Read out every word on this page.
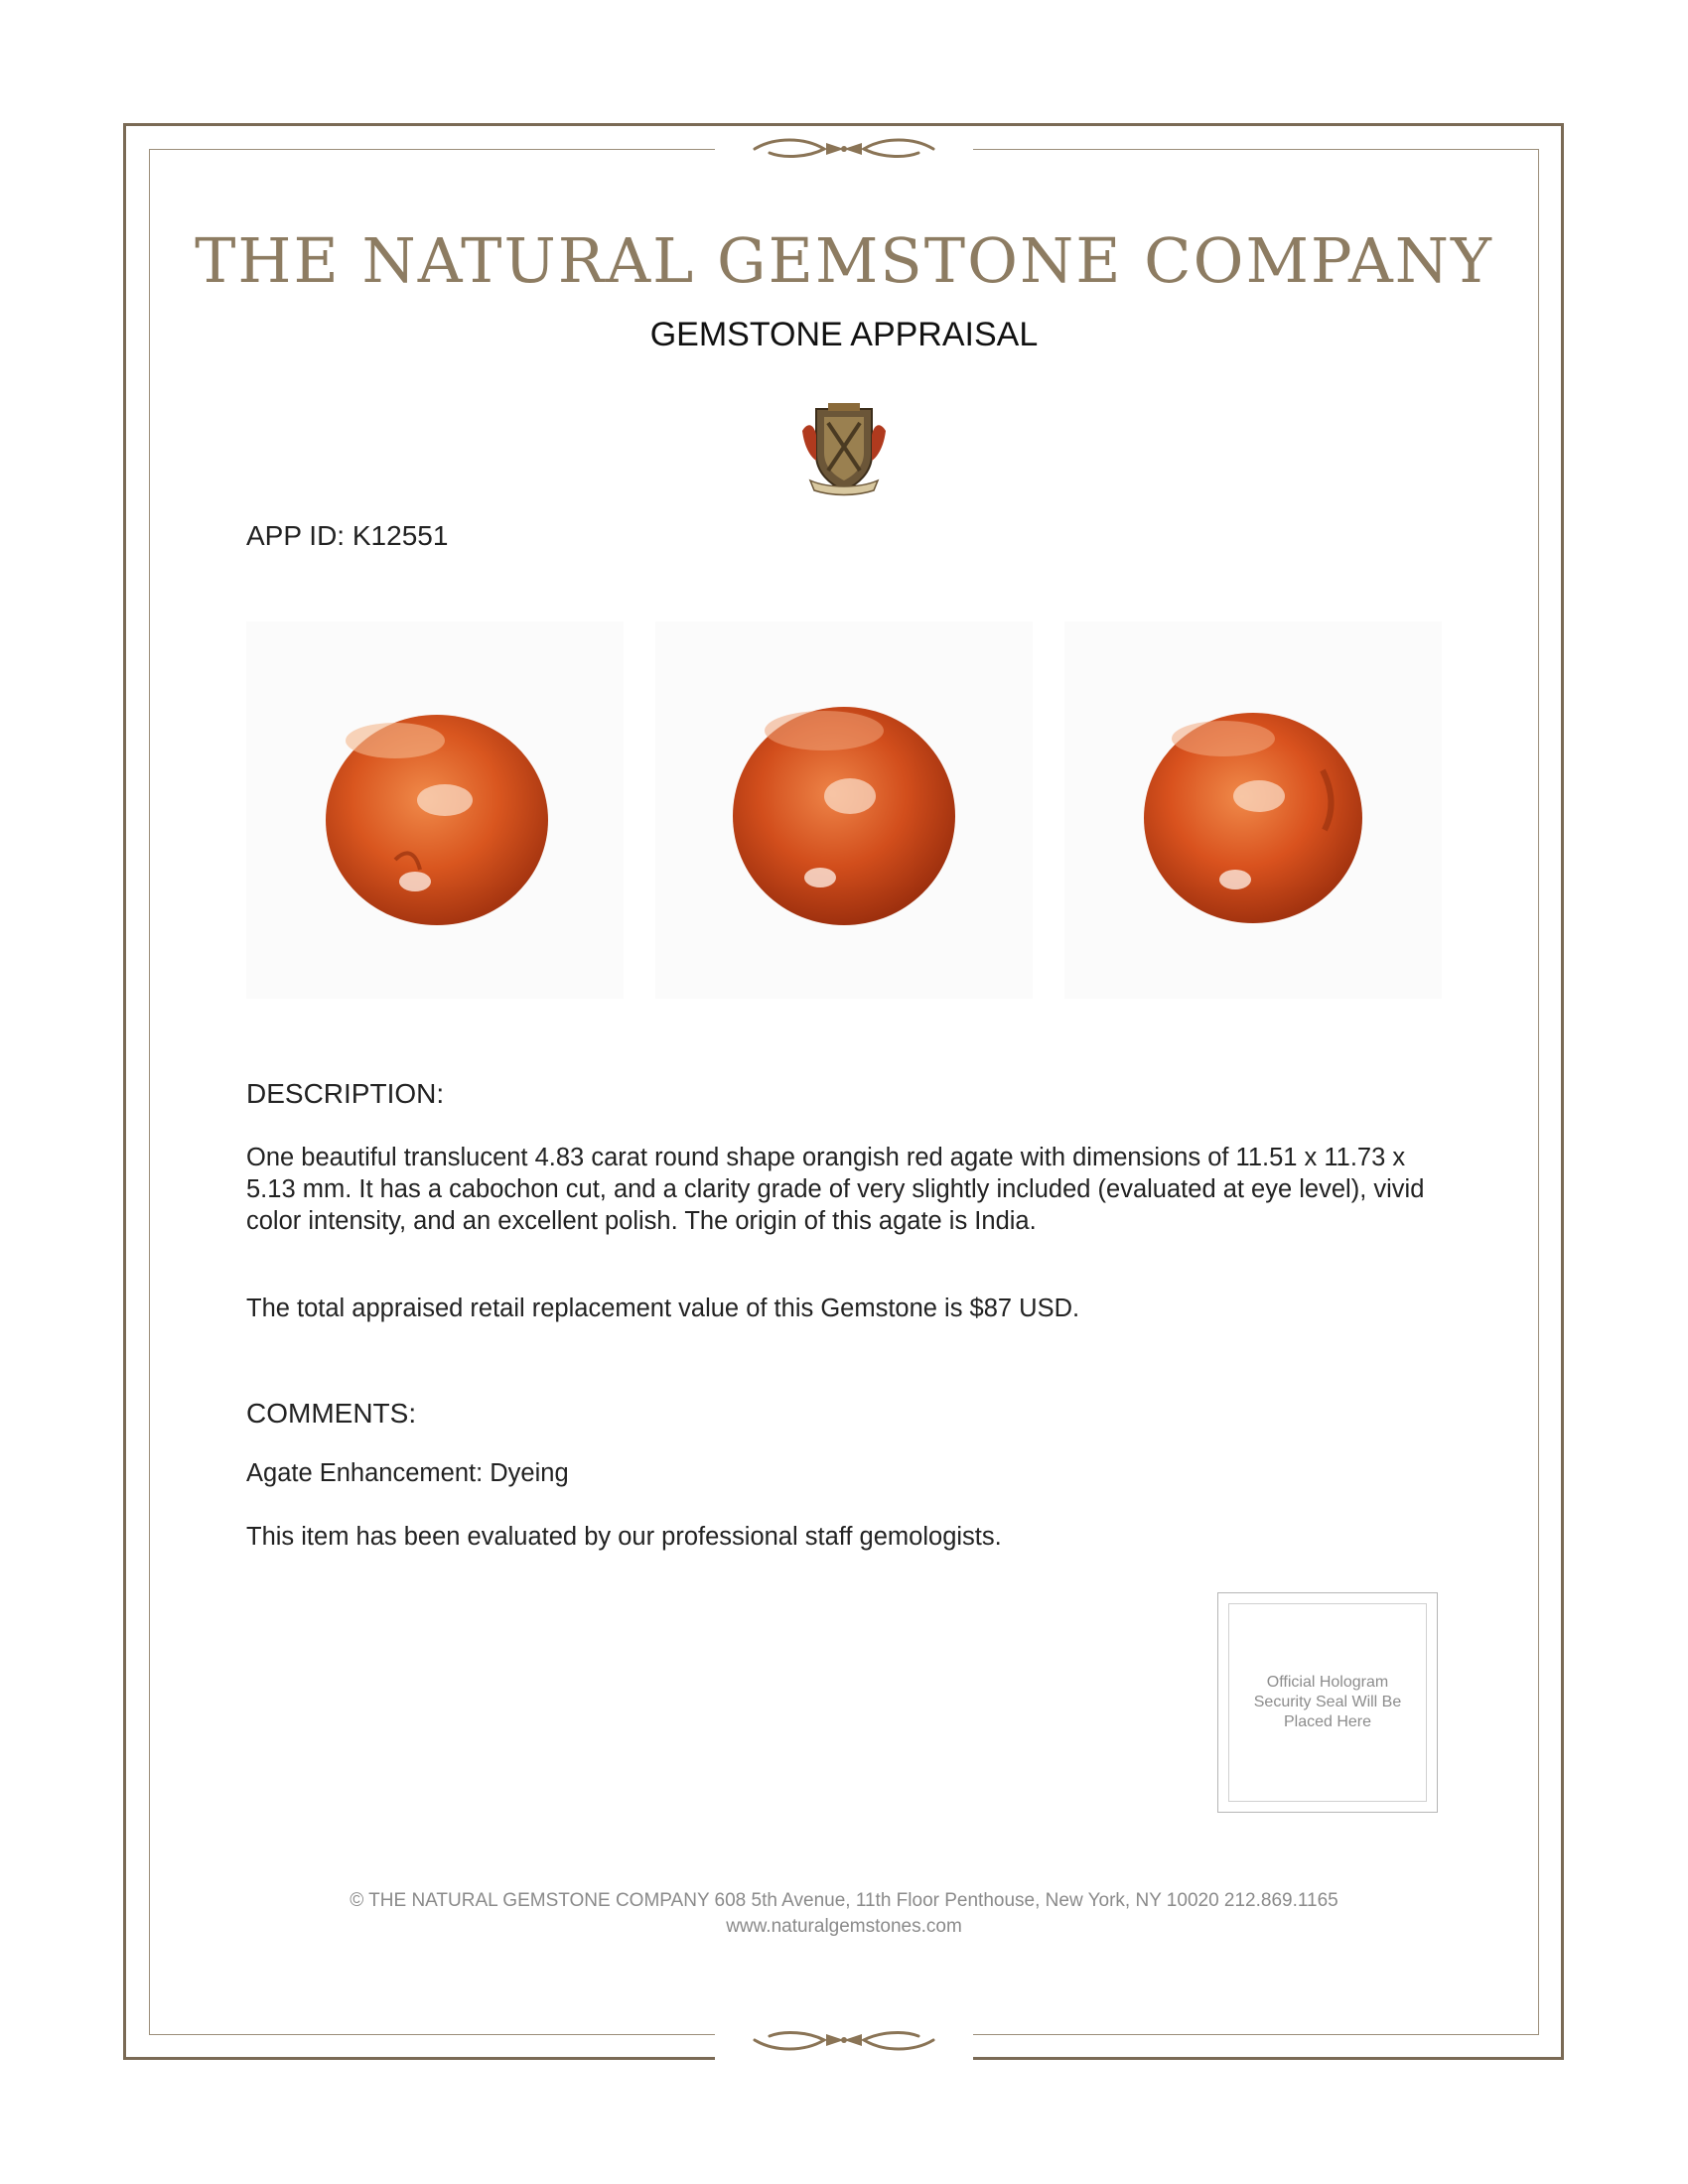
THE NATURAL GEMSTONE COMPANY
GEMSTONE APPRAISAL
APP ID: K12551
DESCRIPTION:
One beautiful translucent 4.83 carat round shape orangish red agate with dimensions of 11.51 x 11.73 x 5.13 mm. It has a cabochon cut, and a clarity grade of very slightly included (evaluated at eye level), vivid color intensity, and an excellent polish. The origin of this agate is India.
The total appraised retail replacement value of this Gemstone is $87 USD.
COMMENTS:
Agate Enhancement: Dyeing
This item has been evaluated by our professional staff gemologists.
Official Hologram Security Seal Will Be Placed Here
© THE NATURAL GEMSTONE COMPANY 608 5th Avenue, 11th Floor Penthouse, New York, NY 10020 212.869.1165
www.naturalgemstones.com
